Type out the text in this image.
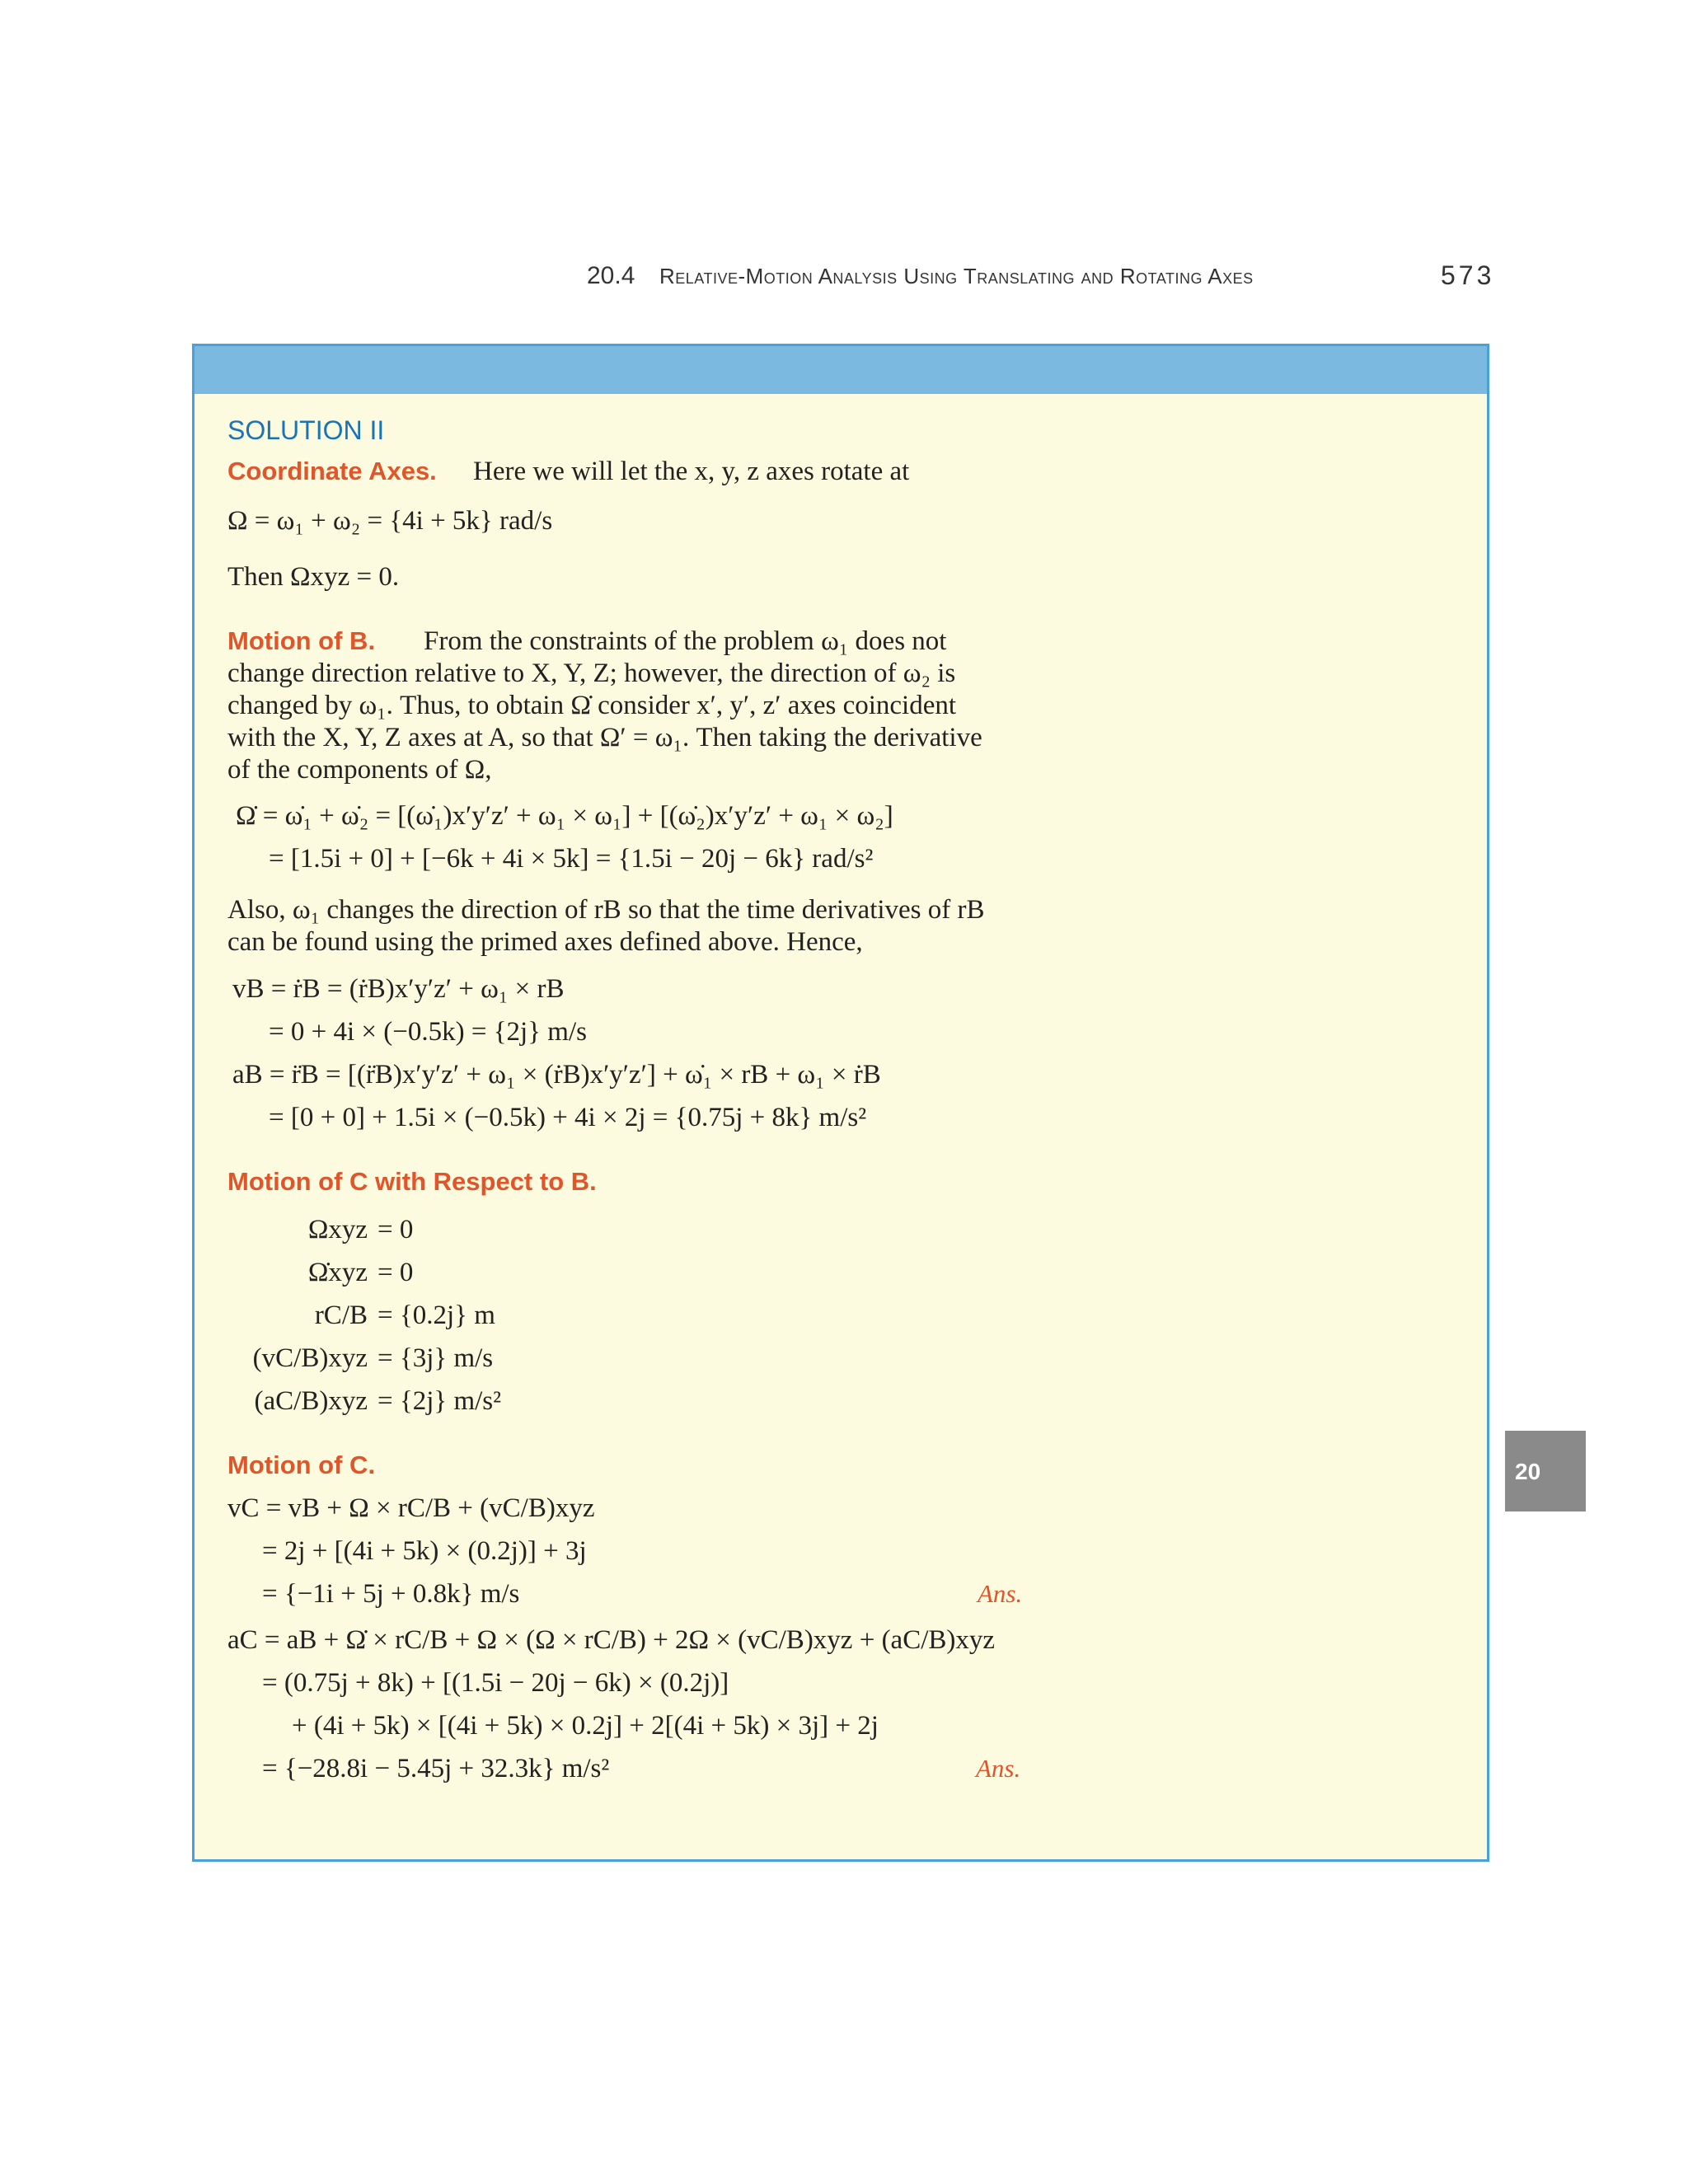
20.4 Relative-Motion Analysis Using Translating and Rotating Axes	573
SOLUTION II
Coordinate Axes. Here we will let the x, y, z axes rotate at
Ω = ω₁ + ω₂ = {4i + 5k} rad/s
Then Ωxyz = 0.
Motion of B. From the constraints of the problem ω₁ does not
change direction relative to X, Y, Z; however, the direction of ω₂ is
changed by ω₁. Thus, to obtain Ω̇ consider x′, y′, z′ axes coincident
with the X, Y, Z axes at A, so that Ω′ = ω₁. Then taking the derivative
of the components of Ω,
Ω̇ = ω̇₁ + ω̇₂ = [(ω̇₁)x′y′z′ + ω₁ × ω₁] + [(ω̇₂)x′y′z′ + ω₁ × ω₂]
= [1.5i + 0] + [−6k + 4i × 5k] = {1.5i − 20j − 6k} rad/s²
Also, ω₁ changes the direction of rB so that the time derivatives of rB
can be found using the primed axes defined above. Hence,
vB = ṙB = (ṙB)x′y′z′ + ω₁ × rB
= 0 + 4i × (−0.5k) = {2j} m/s
aB = r̈B = [(r̈B)x′y′z′ + ω₁ × (ṙB)x′y′z′] + ω̇₁ × rB + ω₁ × ṙB
= [0 + 0] + 1.5i × (−0.5k) + 4i × 2j = {0.75j + 8k} m/s²
Motion of C with Respect to B.
Ωxyz = 0
Ω̇xyz = 0
rC/B = {0.2j} m
(vC/B)xyz = {3j} m/s
(aC/B)xyz = {2j} m/s²
Motion of C.
vC = vB + Ω × rC/B + (vC/B)xyz
= 2j + [(4i + 5k) × (0.2j)] + 3j
= {−1i + 5j + 0.8k} m/s	Ans.
aC = aB + Ω̇ × rC/B + Ω × (Ω × rC/B) + 2Ω × (vC/B)xyz + (aC/B)xyz
= (0.75j + 8k) + [(1.5i − 20j − 6k) × (0.2j)]
+ (4i + 5k) × [(4i + 5k) × 0.2j] + 2[(4i + 5k) × 3j] + 2j
= {−28.8i − 5.45j + 32.3k} m/s²	Ans.
20
